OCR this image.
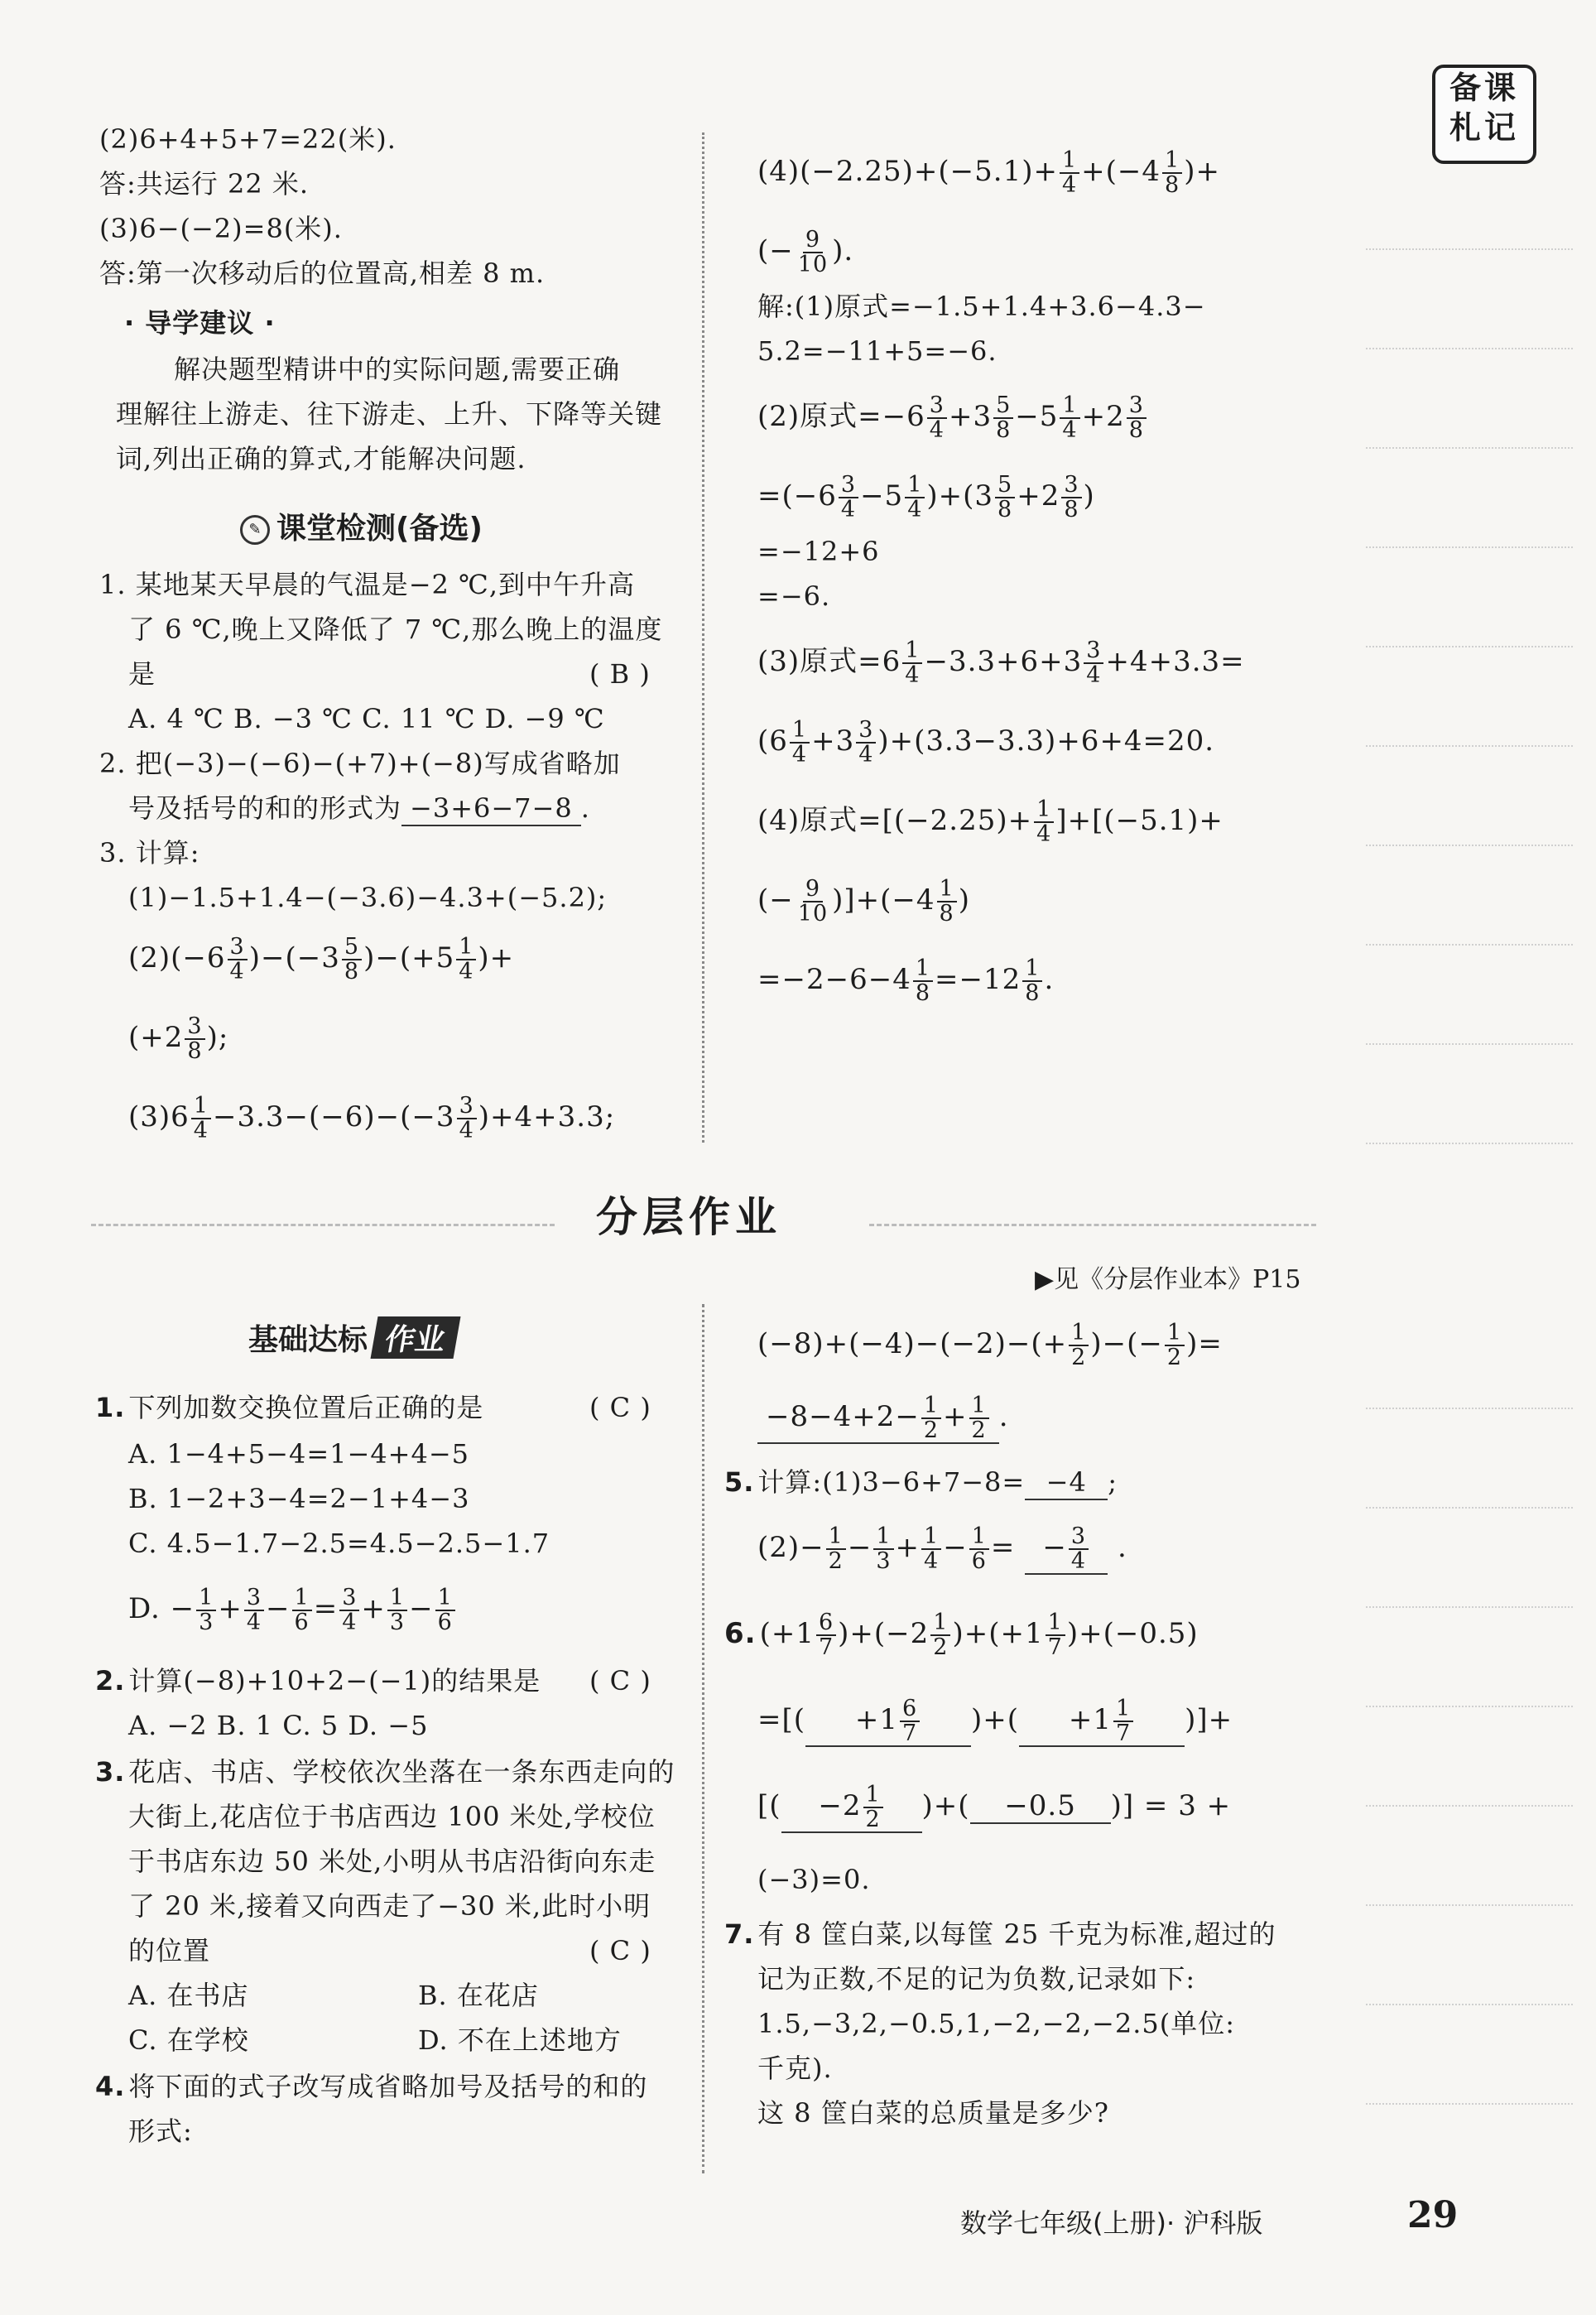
备课
札记
(2)6+4+5+7=22(米).
答:共运行 22 米.
(3)6−(−2)=8(米).
答:第一次移动后的位置高,相差 8 m.
· 导学建议 ·
解决题型精讲中的实际问题,需要正确
理解往上游走、往下游走、上升、下降等关键
词,列出正确的算式,才能解决问题.
✎ 课堂检测(备选)
1. 某地某天早晨的气温是−2 ℃,到中午升高
了 6 ℃,晚上又降低了 7 ℃,那么晚上的温度
是	( B )
A. 4 ℃ B. −3 ℃ C. 11 ℃ D. −9 ℃
2. 把(−3)−(−6)−(+7)+(−8)写成省略加
号及括号的和的形式为 −3+6−7−8 .
3. 计算:
(1)−1.5+1.4−(−3.6)−4.3+(−5.2);
$(2)(-6 \frac{3}{4} )-(-3 \frac{5}{8} )-(+5 \frac{1}{4}$ )+
($+2 \frac{3}{8}$ );
$(3)6 \frac{1}{4} -3.3-(-6)-(-3 \frac{3}{4} )+4+3.3$;
$(4)(-2.25)+(-5.1)+ \frac{1}{4} +(-4 \frac{1}{8}$ )+
(− $\frac{9}{10}$ ).
解:(1)原式=−1.5+1.4+3.6−4.3−
5.2=−11+5=−6.
(2)原式$=-6 \frac{3}{4} +3 \frac{5}{8} -5 \frac{1}{4} +2 \frac{3}{8}$
$=(-6 \frac{3}{4} -5 \frac{1}{4} )+(3 \frac{5}{8} +2 \frac{3}{8}$ )
=−12+6
=−6.
(3)原式$=6 \frac{1}{4} -3.3+6+3 \frac{3}{4} +4+3.3=$
$(6 \frac{1}{4} +3 \frac{3}{4} )+(3.3-3.3)+6+4=20$.
(4)原式$=[(-2.25)+ \frac{1}{4} ]+[(-5.1)+$
(− $\frac{9}{10} )]+(-4 \frac{1}{8}$ )
$=-2-6-4 \frac{1}{8} =-12 \frac{1}{8}$ .
分层作业
▶见《分层作业本》P15
基础达标 作业
1. 下列加数交换位置后正确的是	( C )
A. 1−4+5−4=1−4+4−5
B. 1−2+3−4=2−1+4−3
C. 4.5−1.7−2.5=4.5−2.5−1.7
D. − $\frac{1}{3} + \frac{3}{4} - \frac{1}{6} = \frac{3}{4} + \frac{1}{3} - \frac{1}{6}$
2. 计算(−8)+10+2−(−1)的结果是 ( C )
A. −2 B. 1 C. 5 D. −5
3. 花店、书店、学校依次坐落在一条东西走向的
大街上,花店位于书店西边 100 米处,学校位
于书店东边 50 米处,小明从书店沿街向东走
了 20 米,接着又向西走了−30 米,此时小明
的位置	( C )
A. 在书店	B. 在花店
C. 在学校	D. 不在上述地方
4. 将下面的式子改写成省略加号及括号的和的
形式:
$(-8)+(-4)-(-2)-(+ \frac{1}{2}$ )−(− $\frac{1}{2}$ )=
$-8-4+2- \frac{1}{2} + \frac{1}{2}$ .
5. 计算:(1)3−6+7−8= −4 ;
$(2)- \frac{1}{2} - \frac{1}{3} + \frac{1}{4} - \frac{1}{6}$ = − $\frac{3}{4}$ .
6. $(+1 \frac{6}{7} )+(-2 \frac{1}{2} )+(+1 \frac{1}{7} )+(-0.5)$
=[( $+1 \frac{6}{7}$ )+( $+1 \frac{1}{7}$ )]+
[( $-2 \frac{1}{2}$ )+( −0.5 )] = 3 +
(−3)=0.
7. 有 8 筐白菜,以每筐 25 千克为标准,超过的
记为正数,不足的记为负数,记录如下:
1.5,−3,2,−0.5,1,−2,−2,−2.5(单位:
千克).
这 8 筐白菜的总质量是多少?
数学七年级(上册)· 沪科版	29
